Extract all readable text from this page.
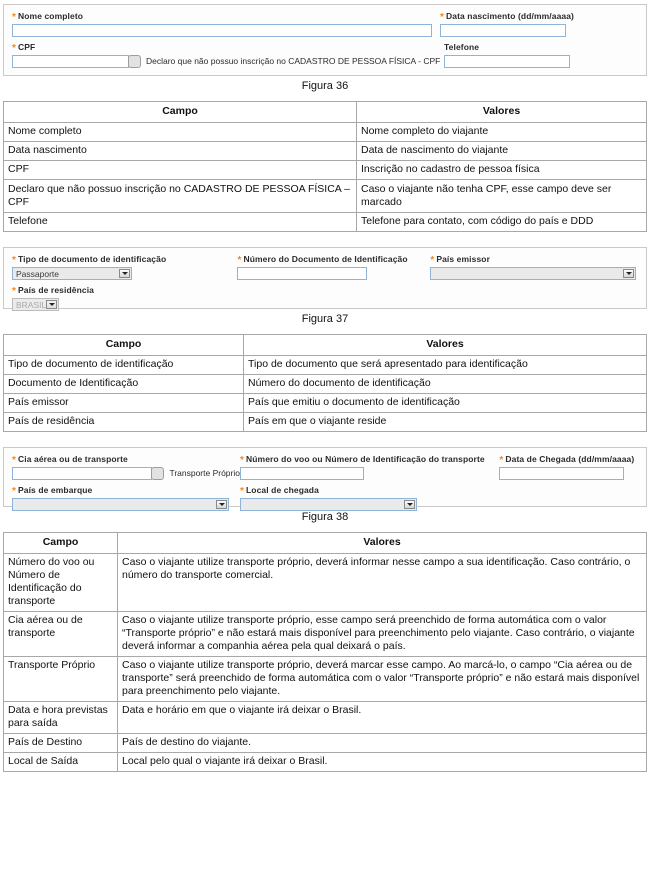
* Nome completo	* Data nascimento (dd/mm/aaaa)
* CPF
Declaro que não possuo inscrição no CADASTRO DE PESSOA FÍSICA - CPF
Telefone
Figura 36
Campo	Valores
Nome completo	Nome completo do viajante
Data nascimento	Data de nascimento do viajante
CPF	Inscrição no cadastro de pessoa física
Declaro que não possuo inscrição no CADASTRO DE PESSOA FÍSICA – CPF	Caso o viajante não tenha CPF, esse campo deve ser marcado
Telefone	Telefone para contato, com código do país e DDD
* Tipo de documento de identificação
Passaporte
* Número do Documento de Identificação	* País emissor
* País de residência
BRASIL
Figura 37
Campo	Valores
Tipo de documento de identificação	Tipo de documento que será apresentado para identificação
Documento de Identificação	Número do documento de identificação
País emissor	País que emitiu o documento de identificação
País de residência	País em que o viajante reside
* Cia aérea ou de transporte
Transporte Próprio
* Número do voo ou Número de Identificação do transporte	* Data de Chegada (dd/mm/aaaa)
* País de embarque	* Local de chegada
Figura 38
Campo	Valores
Número do voo ou Número de Identificação do transporte	Caso o viajante utilize transporte próprio, deverá informar nesse campo a sua identificação. Caso contrário, o número do transporte comercial.
Cia aérea ou de transporte	Caso o viajante utilize transporte próprio, esse campo será preenchido de forma automática com o valor “Transporte próprio” e não estará mais disponível para preenchimento pelo viajante. Caso contrário, o viajante deverá informar a companhia aérea pela qual deixará o país.
Transporte Próprio	Caso o viajante utilize transporte próprio, deverá marcar esse campo. Ao marcá-lo, o campo “Cia aérea ou de transporte” será preenchido de forma automática com o valor “Transporte próprio” e não estará mais disponível para preenchimento pelo viajante.
Data e hora previstas para saída	Data e horário em que o viajante irá deixar o Brasil.
País de Destino	País de destino do viajante.
Local de Saída	Local pelo qual o viajante irá deixar o Brasil.
